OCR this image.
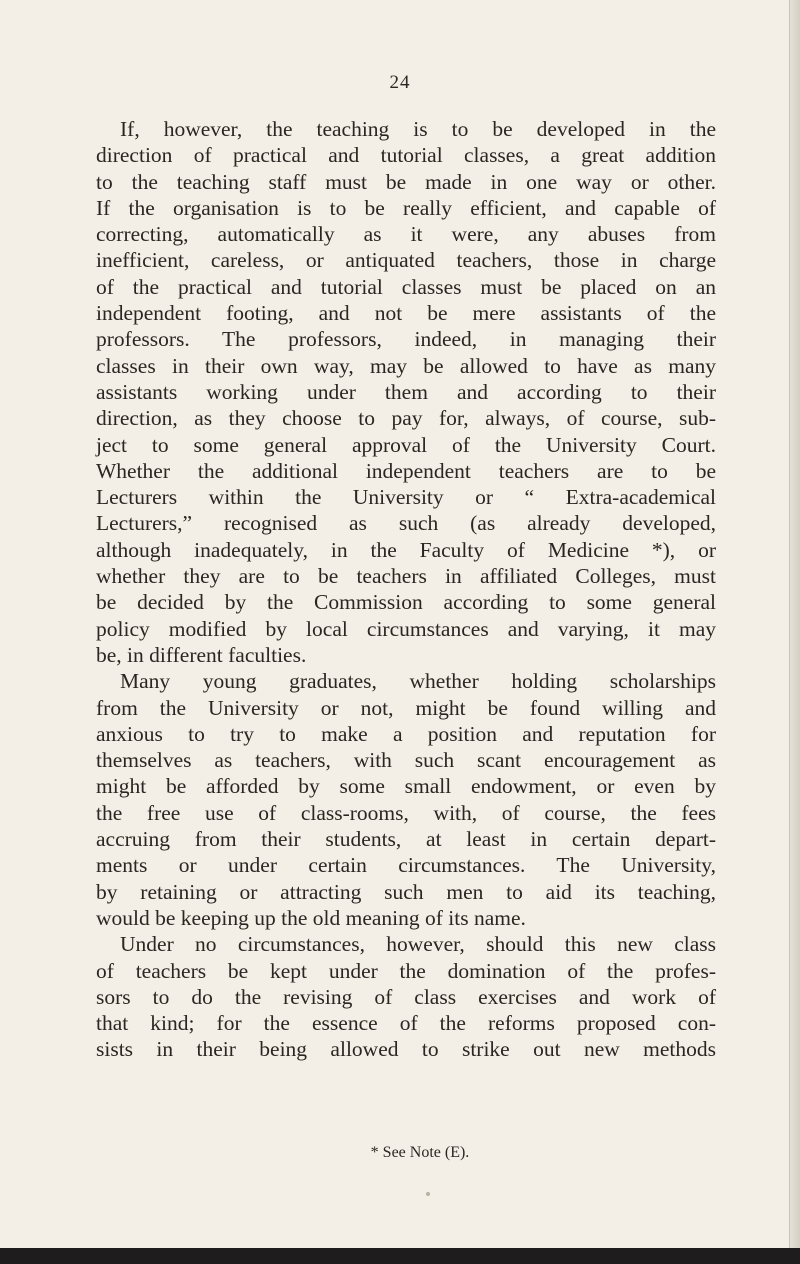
24
If, however, the teaching is to be developed in the
direction of practical and tutorial classes, a great addition
to the teaching staff must be made in one way or other.
If the organisation is to be really efficient, and capable of
correcting, automatically as it were, any abuses from
inefficient, careless, or antiquated teachers, those in charge
of the practical and tutorial classes must be placed on an
independent footing, and not be mere assistants of the
professors. The professors, indeed, in managing their
classes in their own way, may be allowed to have as many
assistants working under them and according to their
direction, as they choose to pay for, always, of course, sub-
ject to some general approval of the University Court.
Whether the additional independent teachers are to be
Lecturers within the University or “ Extra-academical
Lecturers,” recognised as such (as already developed,
although inadequately, in the Faculty of Medicine *), or
whether they are to be teachers in affiliated Colleges, must
be decided by the Commission according to some general
policy modified by local circumstances and varying, it may
be, in different faculties.
Many young graduates, whether holding scholarships
from the University or not, might be found willing and
anxious to try to make a position and reputation for
themselves as teachers, with such scant encouragement as
might be afforded by some small endowment, or even by
the free use of class-rooms, with, of course, the fees
accruing from their students, at least in certain depart-
ments or under certain circumstances. The University,
by retaining or attracting such men to aid its teaching,
would be keeping up the old meaning of its name.
Under no circumstances, however, should this new class
of teachers be kept under the domination of the profes-
sors to do the revising of class exercises and work of
that kind; for the essence of the reforms proposed con-
sists in their being allowed to strike out new methods
* See Note (E).
